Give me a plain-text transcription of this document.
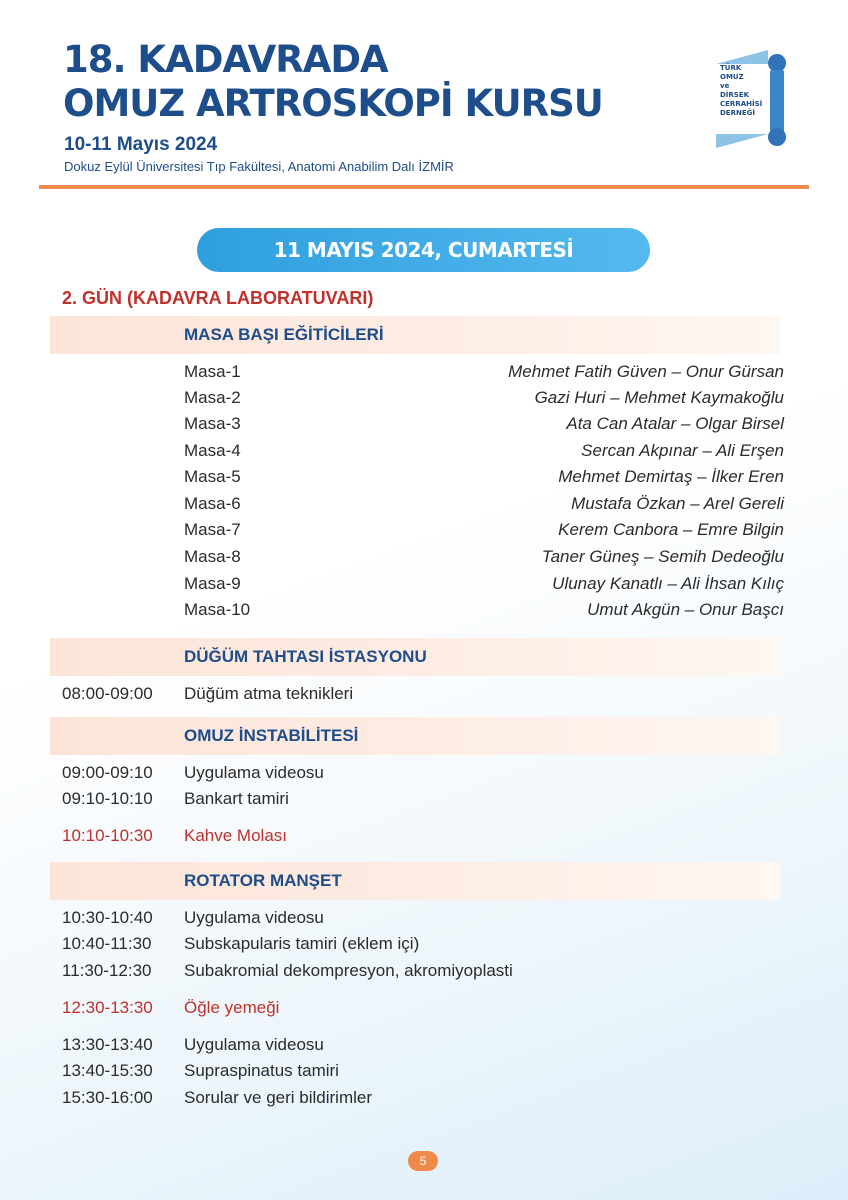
18. KADAVRADA
OMUZ ARTROSKOPİ KURSU
10-11 Mayıs 2024
Dokuz Eylül Üniversitesi Tıp Fakültesi, Anatomi Anabilim Dalı İZMİR
TÜRK
OMUZ
ve
DİRSEK
CERRAHİSİ
DERNEĞİ
11 MAYIS 2024, CUMARTESİ
2. GÜN (KADAVRA LABORATUVARI)
MASA BAŞI EĞİTİCİLERİ
Masa-1	Mehmet Fatih Güven – Onur Gürsan
Masa-2	Gazi Huri – Mehmet Kaymakoğlu
Masa-3	Ata Can Atalar – Olgar Birsel
Masa-4	Sercan Akpınar – Ali Erşen
Masa-5	Mehmet Demirtaş – İlker Eren
Masa-6	Mustafa Özkan – Arel Gereli
Masa-7	Kerem Canbora – Emre Bilgin
Masa-8	Taner Güneş – Semih Dedeoğlu
Masa-9	Ulunay Kanatlı – Ali İhsan Kılıç
Masa-10	Umut Akgün – Onur Başcı
DÜĞÜM TAHTASI İSTASYONU
08:00-09:00 Düğüm atma teknikleri
OMUZ İNSTABİLİTESİ
09:00-09:10 Uygulama videosu
09:10-10:10 Bankart tamiri
10:10-10:30 Kahve Molası
ROTATOR MANŞET
10:30-10:40 Uygulama videosu
10:40-11:30 Subskapularis tamiri (eklem içi)
11:30-12:30 Subakromial dekompresyon, akromiyoplasti
12:30-13:30 Öğle yemeği
13:30-13:40 Uygulama videosu
13:40-15:30 Supraspinatus tamiri
15:30-16:00 Sorular ve geri bildirimler
5
